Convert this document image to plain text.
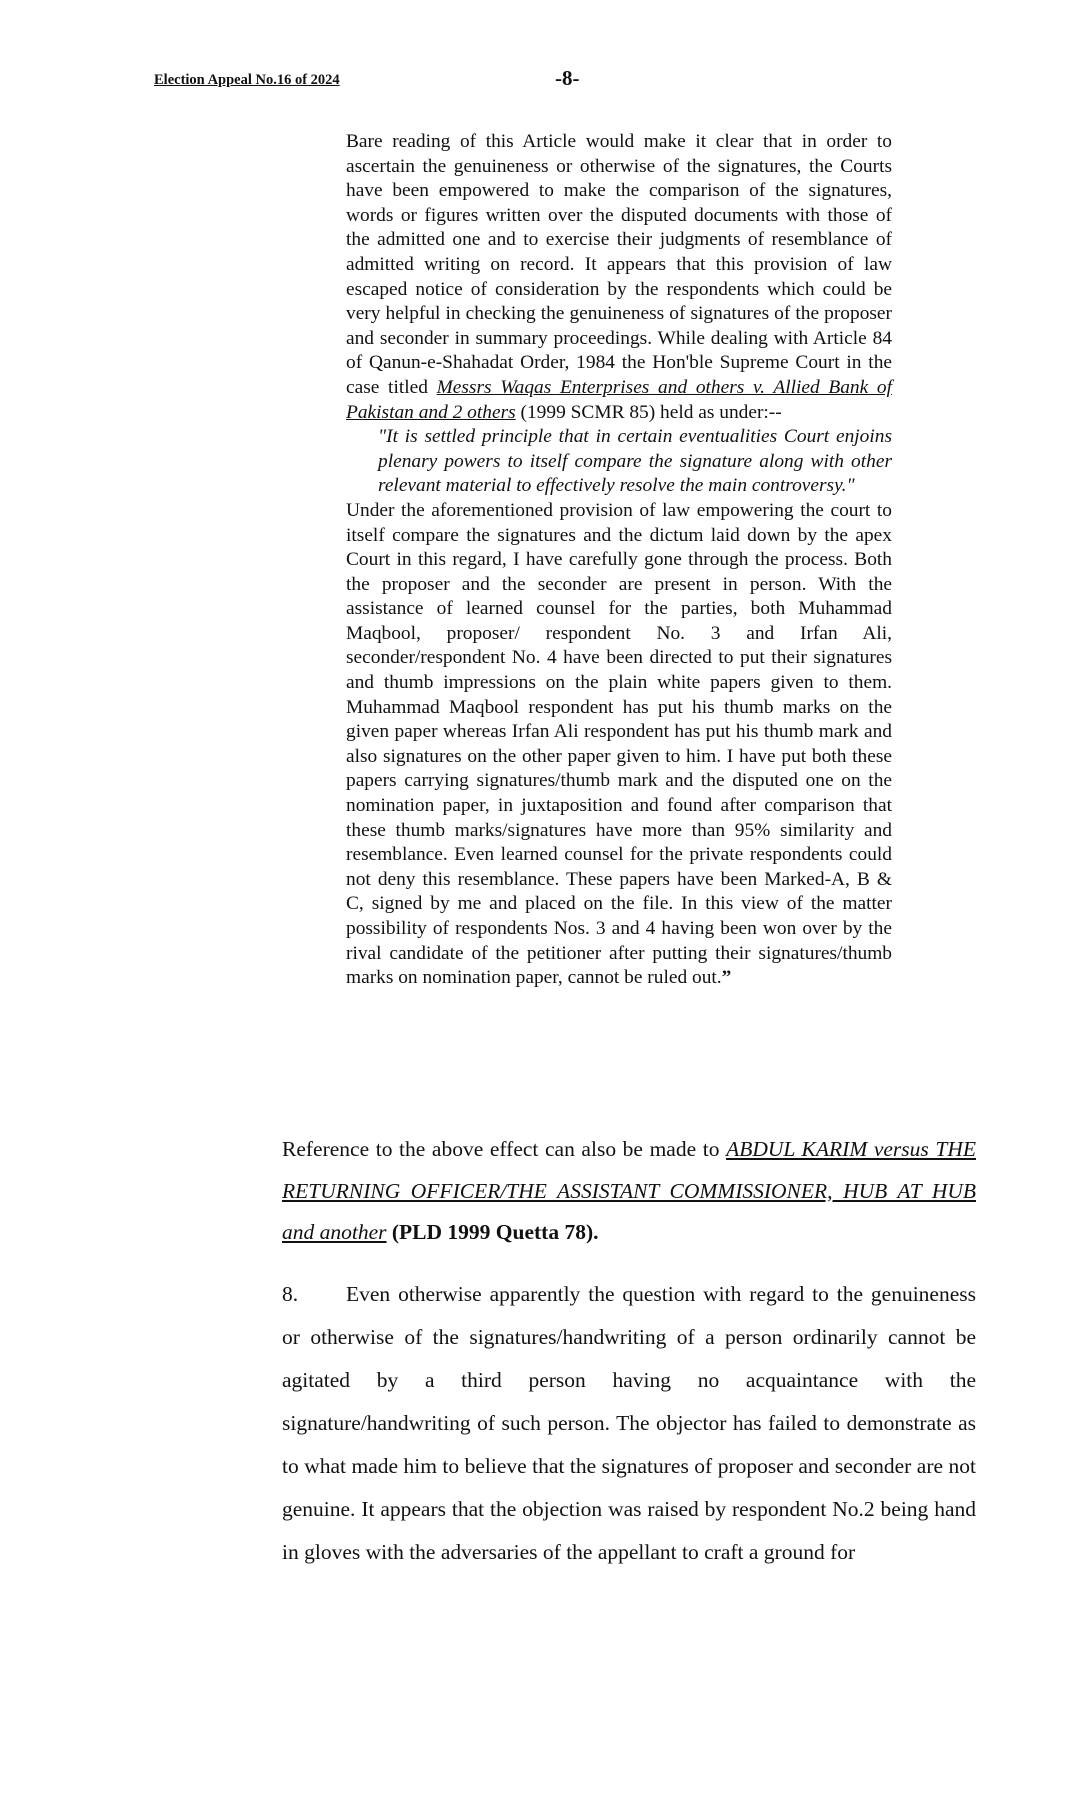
Election Appeal No.16 of 2024	-8-

Bare reading of this Article would make it clear that in order to ascertain the genuineness or otherwise of the signatures, the Courts have been empowered to make the comparison of the signatures, words or figures written over the disputed documents with those of the admitted one and to exercise their judgments of resemblance of admitted writing on record. It appears that this provision of law escaped notice of consideration by the respondents which could be very helpful in checking the genuineness of signatures of the proposer and seconder in summary proceedings. While dealing with Article 84 of Qanun-e-Shahadat Order, 1984 the Hon'ble Supreme Court in the case titled Messrs Waqas Enterprises and others v. Allied Bank of Pakistan and 2 others (1999 SCMR 85) held as under:--

"It is settled principle that in certain eventualities Court enjoins plenary powers to itself compare the signature along with other relevant material to effectively resolve the main controversy."

Under the aforementioned provision of law empowering the court to itself compare the signatures and the dictum laid down by the apex Court in this regard, I have carefully gone through the process. Both the proposer and the seconder are present in person. With the assistance of learned counsel for the parties, both Muhammad Maqbool, proposer/ respondent No. 3 and Irfan Ali, seconder/respondent No. 4 have been directed to put their signatures and thumb impressions on the plain white papers given to them. Muhammad Maqbool respondent has put his thumb marks on the given paper whereas Irfan Ali respondent has put his thumb mark and also signatures on the other paper given to him. I have put both these papers carrying signatures/thumb mark and the disputed one on the nomination paper, in juxtaposition and found after comparison that these thumb marks/signatures have more than 95% similarity and resemblance. Even learned counsel for the private respondents could not deny this resemblance. These papers have been Marked-A, B & C, signed by me and placed on the file. In this view of the matter possibility of respondents Nos. 3 and 4 having been won over by the rival candidate of the petitioner after putting their signatures/thumb marks on nomination paper, cannot be ruled out.”

Reference to the above effect can also be made to ABDUL KARIM versus THE RETURNING OFFICER/THE ASSISTANT COMMISSIONER, HUB AT HUB and another (PLD 1999 Quetta 78).

8. Even otherwise apparently the question with regard to the genuineness or otherwise of the signatures/handwriting of a person ordinarily cannot be agitated by a third person having no acquaintance with the signature/handwriting of such person. The objector has failed to demonstrate as to what made him to believe that the signatures of proposer and seconder are not genuine. It appears that the objection was raised by respondent No.2 being hand in gloves with the adversaries of the appellant to craft a ground for
